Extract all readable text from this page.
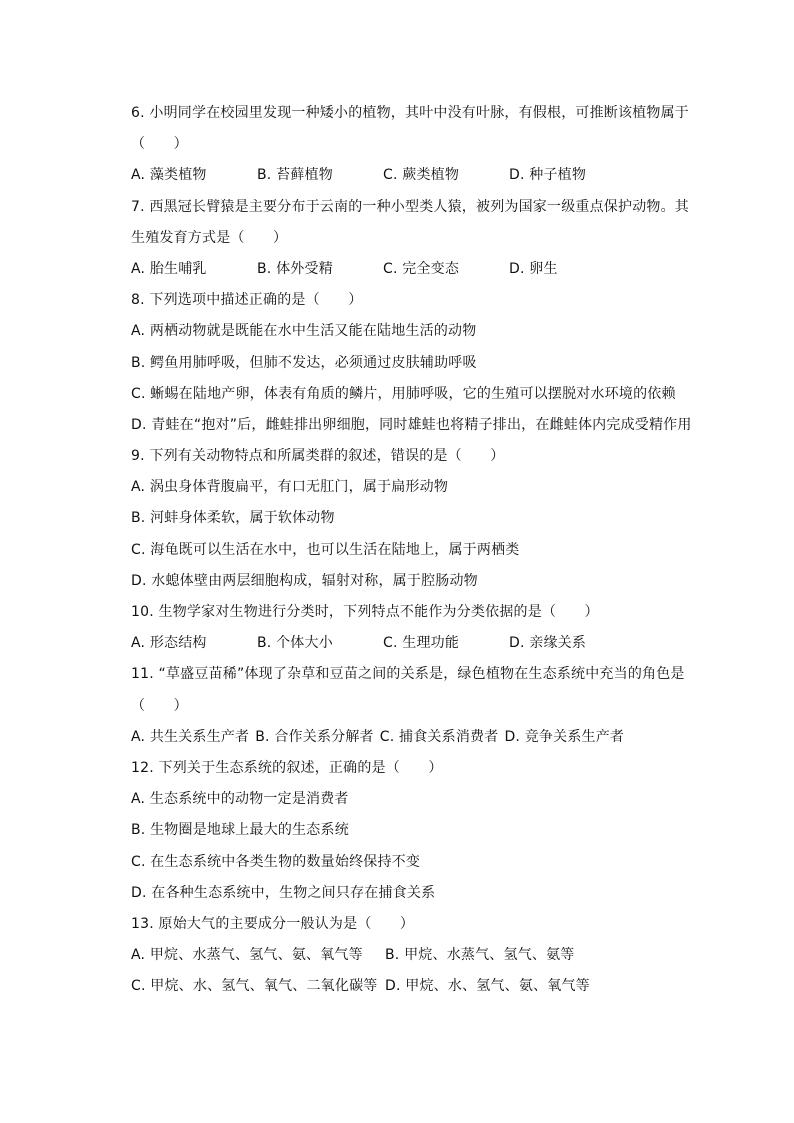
6. 小明同学在校园里发现一种矮小的植物，其叶中没有叶脉，有假根，可推断该植物属于
（　　）
A. 藻类植物	B. 苔藓植物	C. 蕨类植物	D. 种子植物
7. 西黑冠长臂猿是主要分布于云南的一种小型类人猿，被列为国家一级重点保护动物。其
生殖发育方式是（　　）
A. 胎生哺乳	B. 体外受精	C. 完全变态	D. 卵生
8. 下列选项中描述正确的是（　　）
A. 两栖动物就是既能在水中生活又能在陆地生活的动物
B. 鳄鱼用肺呼吸，但肺不发达，必须通过皮肤辅助呼吸
C. 蜥蜴在陆地产卵，体表有角质的鳞片，用肺呼吸，它的生殖可以摆脱对水环境的依赖
D. 青蛙在“抱对”后，雌蛙排出卵细胞，同时雄蛙也将精子排出，在雌蛙体内完成受精作用
9. 下列有关动物特点和所属类群的叙述，错误的是（　　）
A. 涡虫身体背腹扁平，有口无肛门，属于扁形动物
B. 河蚌身体柔软，属于软体动物
C. 海龟既可以生活在水中，也可以生活在陆地上，属于两栖类
D. 水螅体壁由两层细胞构成，辐射对称，属于腔肠动物
10. 生物学家对生物进行分类时，下列特点不能作为分类依据的是（　　）
A. 形态结构	B. 个体大小	C. 生理功能	D. 亲缘关系
11. “草盛豆苗稀”体现了杂草和豆苗之间的关系是，绿色植物在生态系统中充当的角色是
（　　）
A. 共生关系生产者 B. 合作关系分解者 C. 捕食关系消费者 D. 竞争关系生产者
12. 下列关于生态系统的叙述，正确的是（　　）
A. 生态系统中的动物一定是消费者
B. 生物圈是地球上最大的生态系统
C. 在生态系统中各类生物的数量始终保持不变
D. 在各种生态系统中，生物之间只存在捕食关系
13. 原始大气的主要成分一般认为是（　　）
A. 甲烷、水蒸气、氢气、氨、氧气等	B. 甲烷、水蒸气、氢气、氨等
C. 甲烷、水、氢气、氧气、二氧化碳等 D. 甲烷、水、氢气、氨、氧气等
